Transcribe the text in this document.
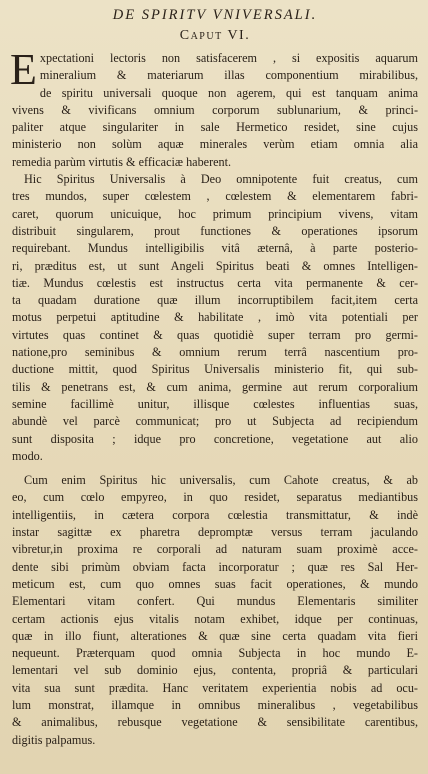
DE SPIRITV VNIVERSALI.
Caput VI.
E xpectationi lectoris non satisfacerem , si expositis aquarum
mineralium & materiarum illas componentium mirabilibus,
de spiritu universali quoque non agerem, qui est tanquam anima
vivens & vivificans omnium corporum sublunarium, & princi-
paliter atque singulariter in sale Hermetico residet, sine cujus
ministerio non solùm aquæ minerales verùm etiam omnia alia
remedia parùm virtutis & efficaciæ haberent.
Hic Spiritus Universalis à Deo omnipotente fuit creatus, cum
tres mundos, super cœlestem , cœlestem & elementarem fabri-
caret, quorum unicuique, hoc primum principium vivens, vitam
distribuit singularem, prout functiones & operationes ipsorum
requirebant. Mundus intelligibilis vitâ æternâ, à parte posterio-
ri, præditus est, ut sunt Angeli Spiritus beati & omnes Intelligen-
tiæ. Mundus cœlestis est instructus certa vita permanente & cer-
ta quadam duratione quæ illum incorruptibilem facit,item certa
motus perpetui aptitudine & habilitate , imò vita potentiali per
virtutes quas continet & quas quotidiè super terram pro germi-
natione,pro seminibus & omnium rerum terrâ nascentium pro-
ductione mittit, quod Spiritus Universalis ministerio fit, qui sub-
tilis & penetrans est, & cum anima, germine aut rerum corporalium
semine facillimè unitur, illisque cœlestes influentias suas,
abundè vel parcè communicat; pro ut Subjecta ad recipiendum
sunt disposita ; idque pro concretione, vegetatione aut alio
modo.
Cum enim Spiritus hic universalis, cum Cahote creatus, & ab
eo, cum cœlo empyreo, in quo residet, separatus mediantibus
intelligentiis, in cætera corpora cœlestia transmittatur, & indè
instar sagittæ ex pharetra depromptæ versus terram jaculando
vibretur,in proxima re corporali ad naturam suam proximè acce-
dente sibi primùm obviam facta incorporatur ; quæ res Sal Her-
meticum est, cum quo omnes suas facit operationes, & mundo
Elementari vitam confert. Qui mundus Elementaris similiter
certam actionis ejus vitalis notam exhibet, idque per continuas,
quæ in illo fiunt, alterationes & quæ sine certa quadam vita fieri
nequeunt. Præterquam quod omnia Subjecta in hoc mundo E-
lementari vel sub dominio ejus, contenta, propriâ & particulari
vita sua sunt prædita. Hanc veritatem experientia nobis ad ocu-
lum monstrat, illamque in omnibus mineralibus , vegetabilibus
& animalibus, rebusque vegetatione & sensibilitate carentibus,
digitis palpamus.
